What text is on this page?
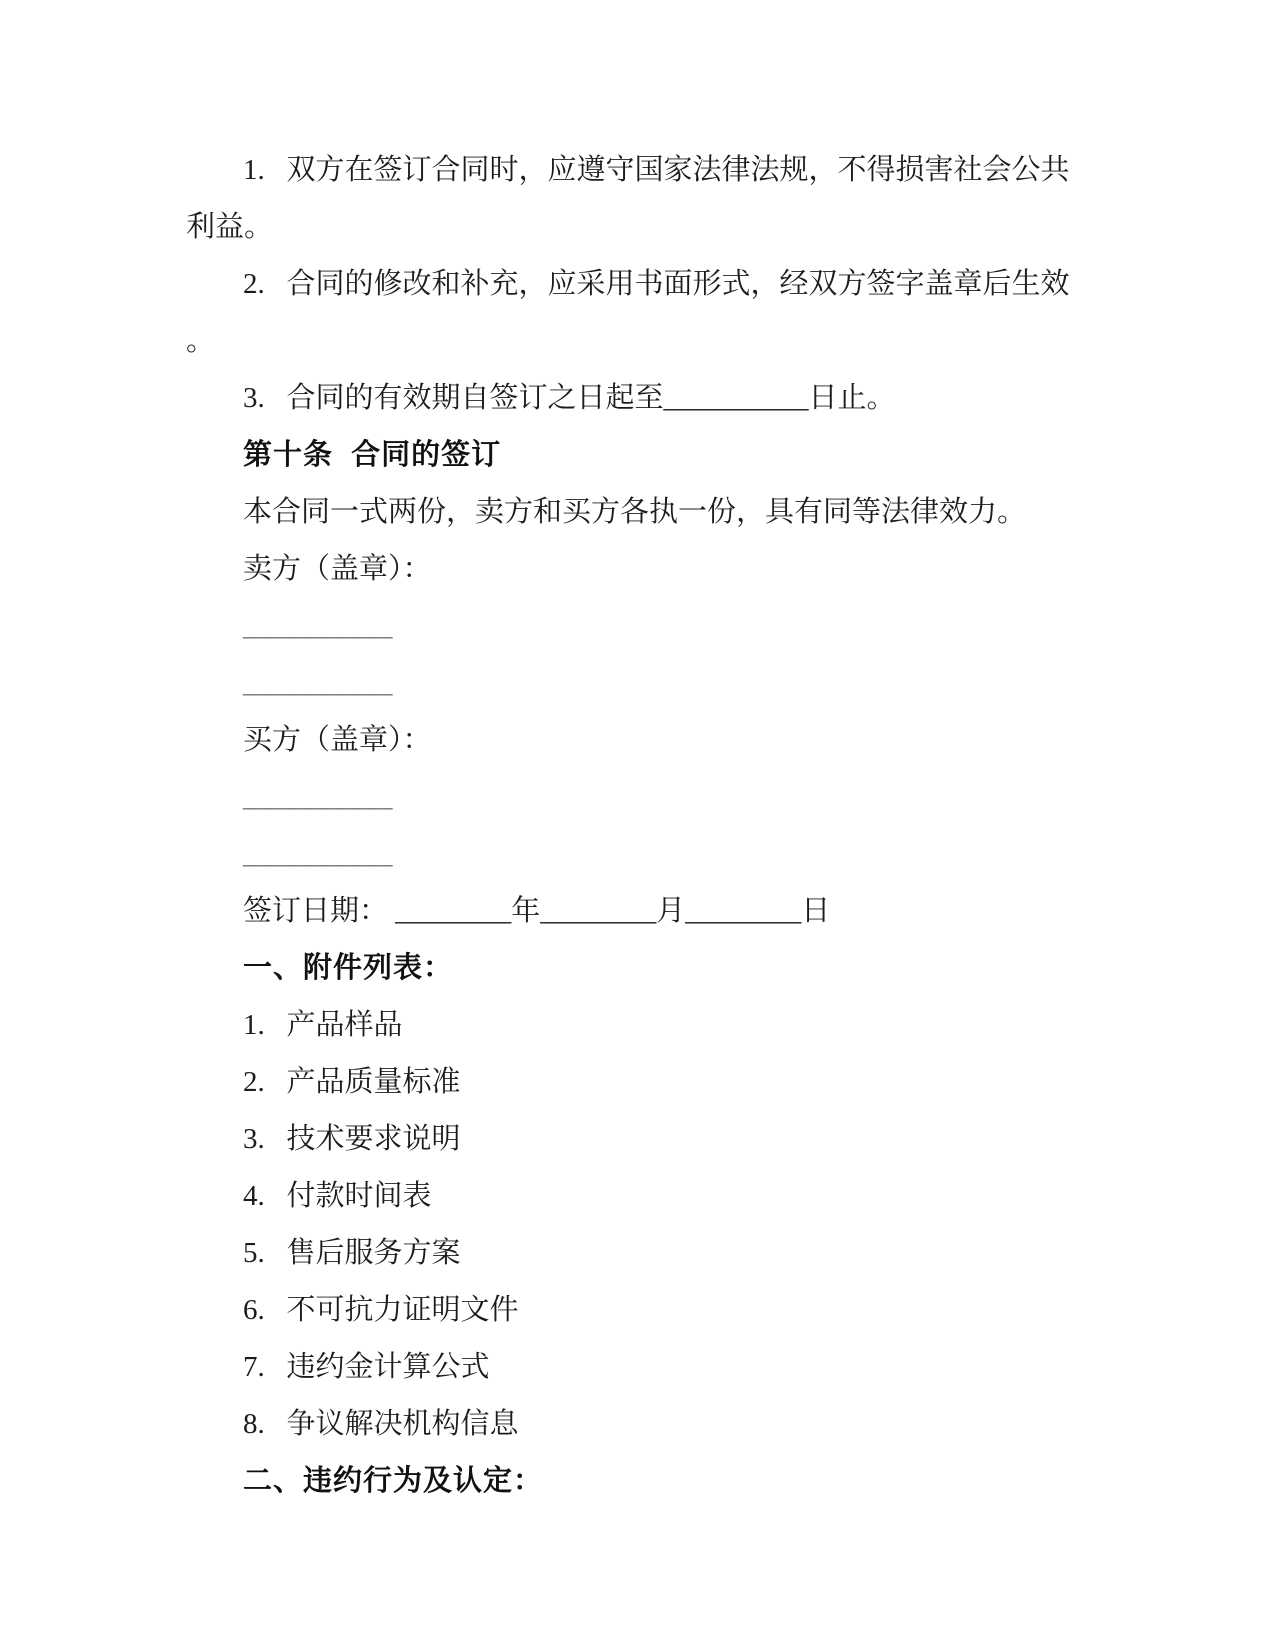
1.   双方在签订合同时，应遵守国家法律法规，不得损害社会公共
利益。
2.   合同的修改和补充，应采用书面形式，经双方签字盖章后生效
。
3.   合同的有效期自签订之日起至__________日止。
第十条  合同的签订
本合同一式两份，卖方和买方各执一份，具有同等法律效力。
卖方（盖章）：
__________
__________
买方（盖章）：
__________
__________
签订日期： ________年________月________日
一、附件列表：
1.   产品样品
2.   产品质量标准
3.   技术要求说明
4.   付款时间表
5.   售后服务方案
6.   不可抗力证明文件
7.   违约金计算公式
8.   争议解决机构信息
二、违约行为及认定：
